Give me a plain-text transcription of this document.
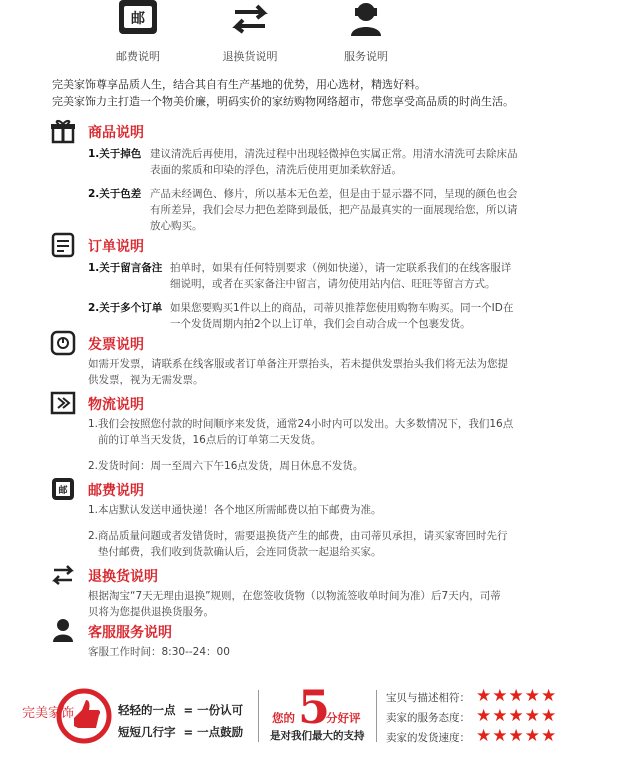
邮
邮费说明	退换货说明	服务说明
完美家饰尊享品质人生，结合其自有生产基地的优势，用心选材，精选好料。
完美家饰力主打造一个物美价廉，明码实价的家纺购物网络超市，带您享受高品质的时尚生活。
商品说明
1.关于掉色 建议清洗后再使用，清洗过程中出现轻微掉色实属正常。用清水清洗可去除床品
表面的浆质和印染的浮色，清洗后使用更加柔软舒适。
2.关于色差 产品未经调色、修片，所以基本无色差，但是由于显示器不同，呈现的颜色也会
有所差异，我们会尽力把色差降到最低，把产品最真实的一面展现给您，所以请
放心购买。
订单说明
1.关于留言备注 拍单时，如果有任何特别要求（例如快递），请一定联系我们的在线客服详
细说明，或者在买家备注中留言，请勿使用站内信、旺旺等留言方式。
2.关于多个订单 如果您要购买1件以上的商品，司蒂贝推荐您使用购物车购买。同一个ID在
一个发货周期内拍2个以上订单，我们会自动合成一个包裹发货。
发票说明
如需开发票，请联系在线客服或者订单备注开票抬头，若未提供发票抬头我们将无法为您提
供发票，视为无需发票。
物流说明
1.我们会按照您付款的时间顺序来发货，通常24小时内可以发出。大多数情况下，我们16点
前的订单当天发货，16点后的订单第二天发货。
2.发货时间：周一至周六下午16点发货，周日休息不发货。
邮 邮费说明
1.本店默认发送申通快递！各个地区所需邮费以拍下邮费为准。
2.商品质量问题或者发错货时，需要退换货产生的邮费，由司蒂贝承担，请买家寄回时先行
垫付邮费，我们收到货款确认后，会连同货款一起退给买家。
退换货说明
根据淘宝“7天无理由退换”规则，在您签收货物（以物流签收单时间为准）后7天内，司蒂
贝将为您提供退换货服务。
客服服务说明
客服工作时间：8:30--24：00
完美家饰	轻轻的一点 = 一份认可
短短几行字 = 一点鼓励
您的 5
分好评
是对我们最大的支持
宝贝与描述相符：
卖家的服务态度：
卖家的发货速度：
★★★★★
★★★★★
★★★★★
